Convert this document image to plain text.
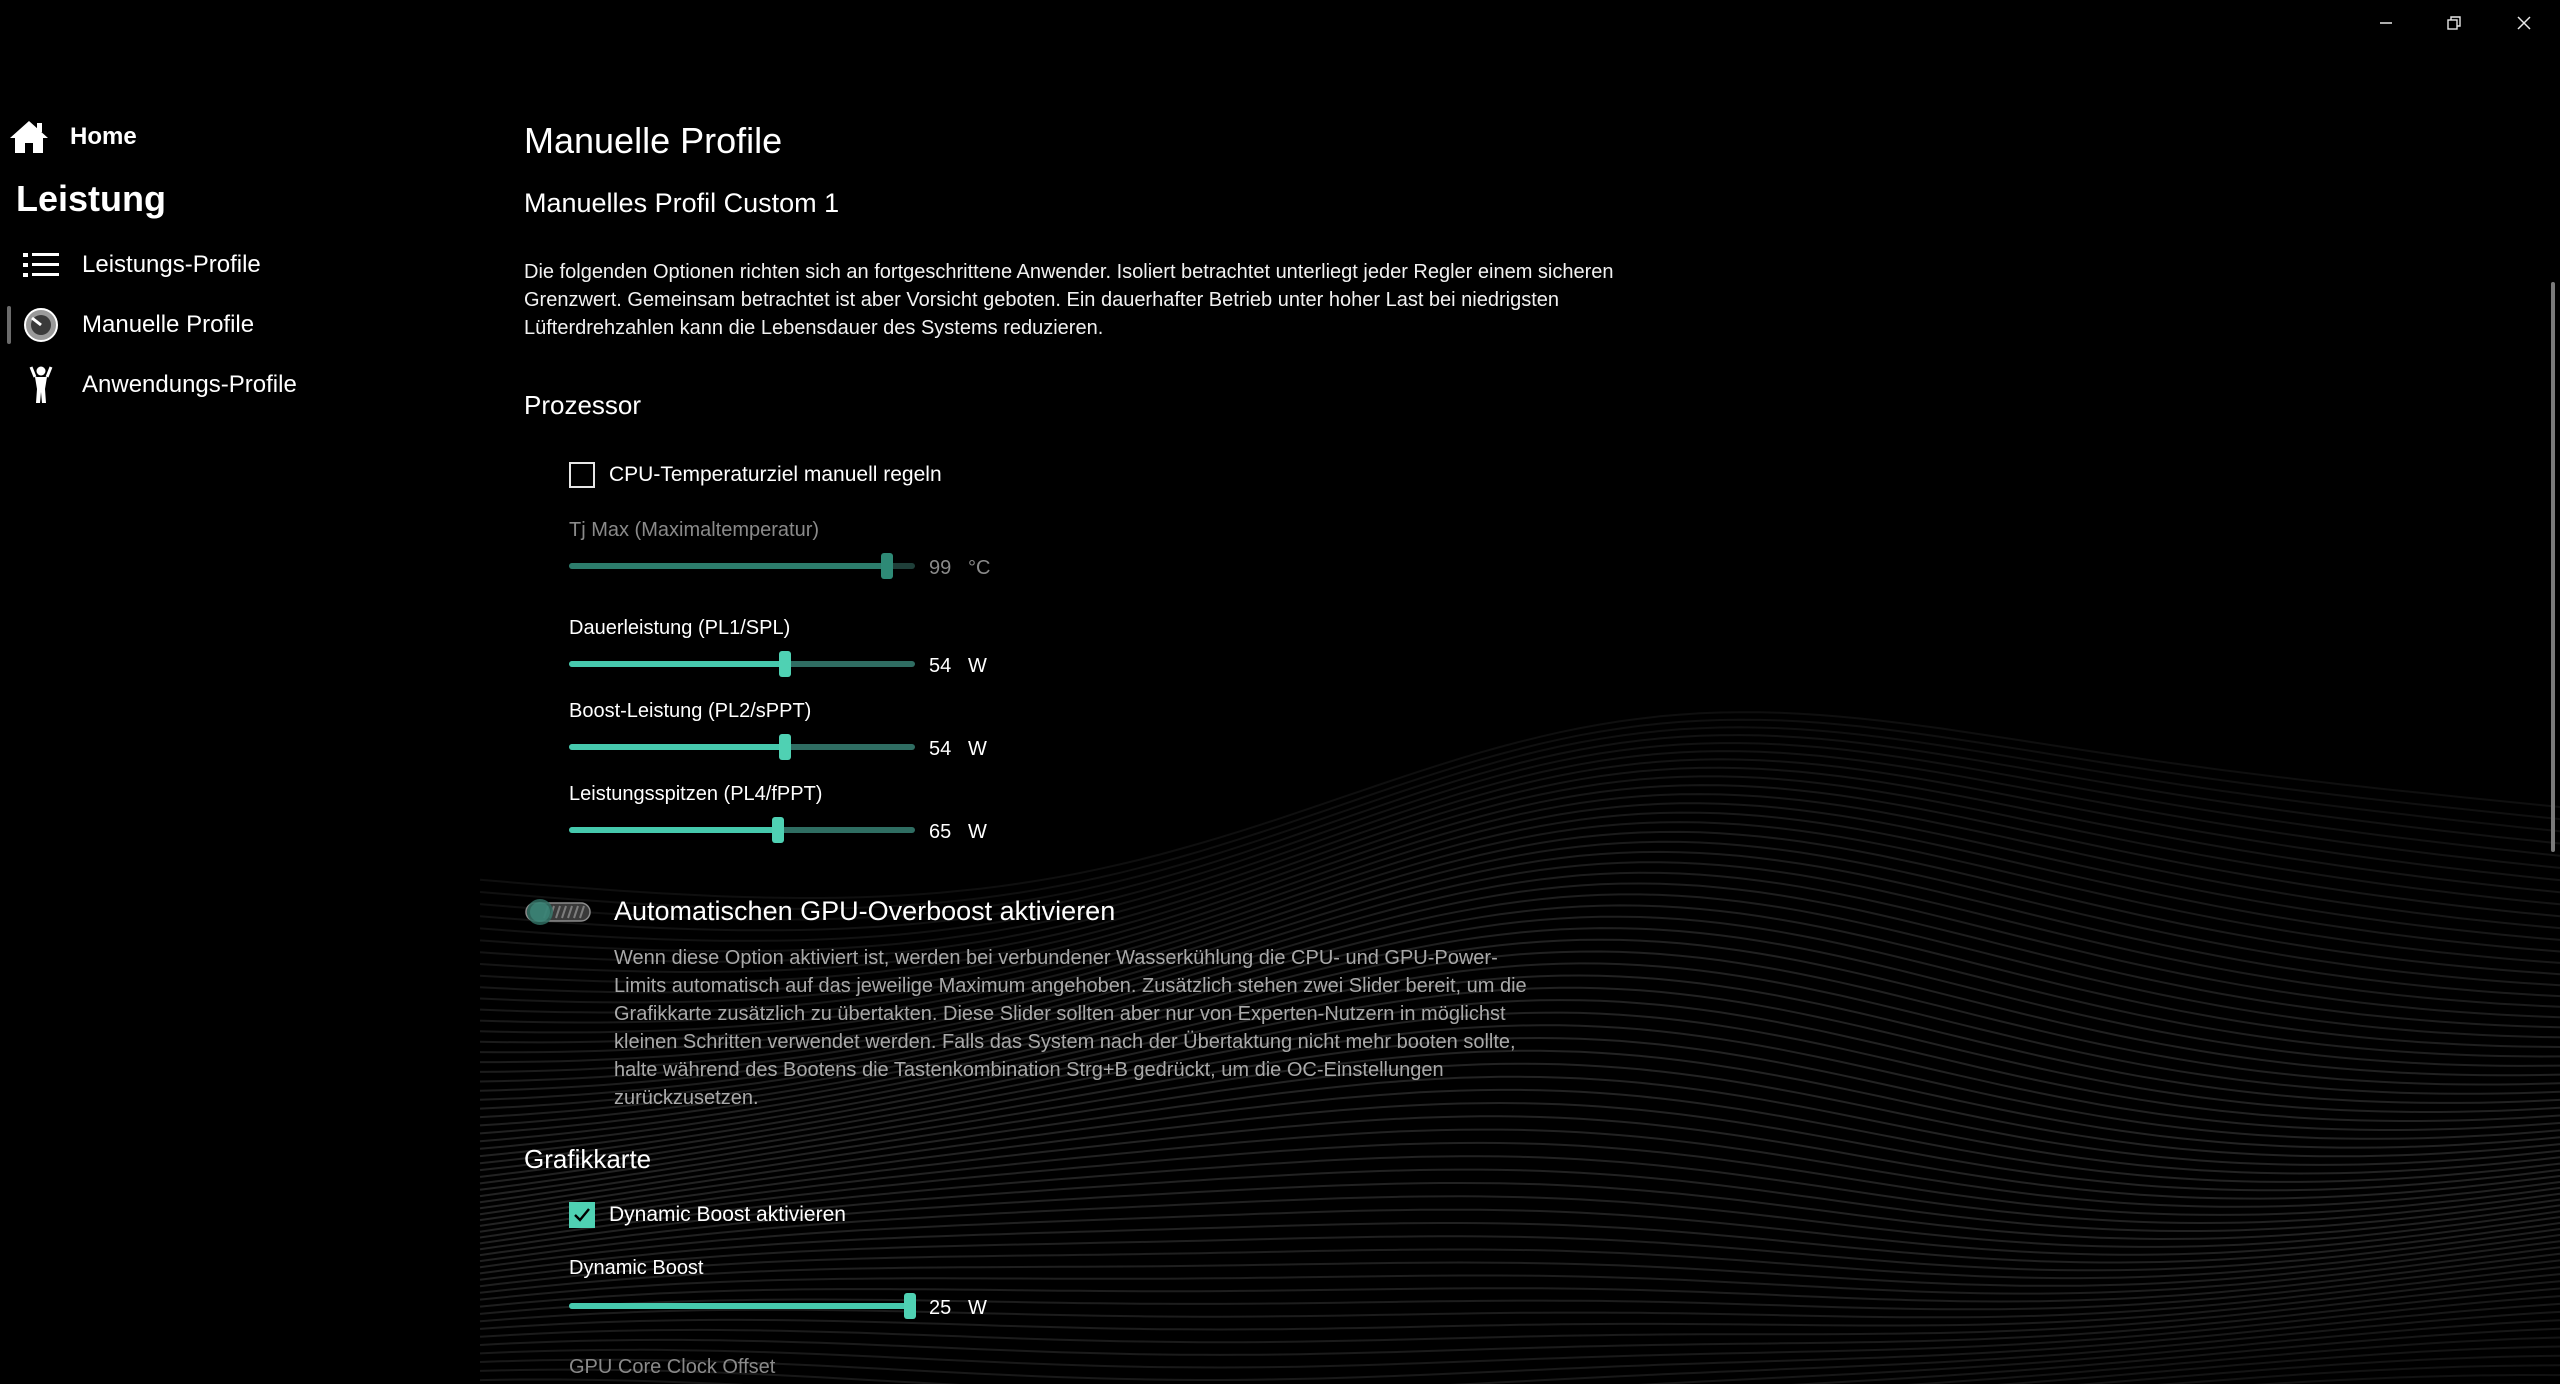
Home
Leistung
Leistungs-Profile
Manuelle Profile
Anwendungs-Profile
Manuelle Profile
Manuelles Profil Custom 1
Die folgenden Optionen richten sich an fortgeschrittene Anwender. Isoliert betrachtet unterliegt jeder Regler einem sicheren Grenzwert. Gemeinsam betrachtet ist aber Vorsicht geboten. Ein dauerhafter Betrieb unter hoher Last bei niedrigsten Lüfterdrehzahlen kann die Lebensdauer des Systems reduzieren.
Prozessor
CPU-Temperaturziel manuell regeln
Tj Max (Maximaltemperatur)
99 °C
Dauerleistung (PL1/SPL)
54 W
Boost-Leistung (PL2/sPPT)
54 W
Leistungsspitzen (PL4/fPPT)
65 W
Automatischen GPU-Overboost aktivieren
Wenn diese Option aktiviert ist, werden bei verbundener Wasserkühlung die CPU- und GPU-Power-Limits automatisch auf das jeweilige Maximum angehoben. Zusätzlich stehen zwei Slider bereit, um die Grafikkarte zusätzlich zu übertakten. Diese Slider sollten aber nur von Experten-Nutzern in möglichst kleinen Schritten verwendet werden. Falls das System nach der Übertaktung nicht mehr booten sollte, halte während des Bootens die Tastenkombination Strg+B gedrückt, um die OC-Einstellungen zurückzusetzen.
Grafikkarte
Dynamic Boost aktivieren
Dynamic Boost
25 W
GPU Core Clock Offset
